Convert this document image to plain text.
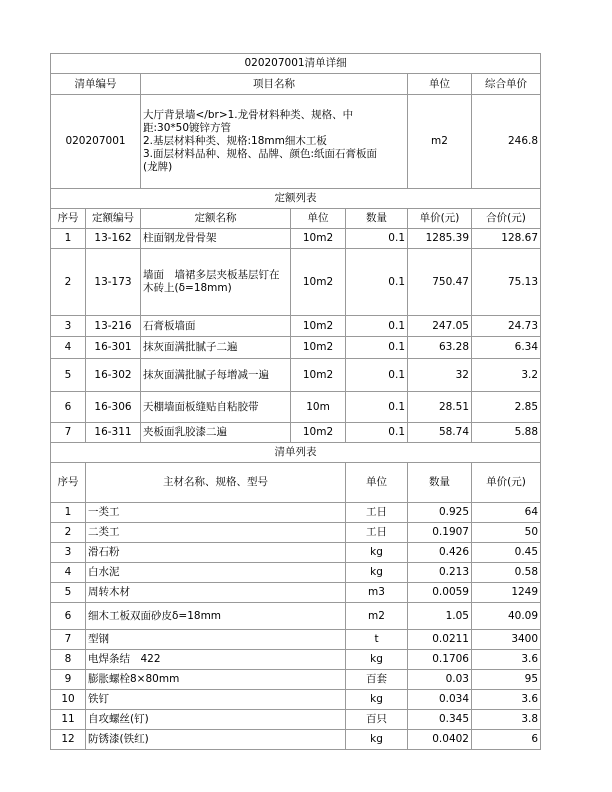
020207001清单详细							
清单编号		项目名称			单位	综合单价	
020207001		大厅背景墙</br>1.龙骨材料种类、规格、中
距:30*50镀锌方管
2.基层材料种类、规格:18mm细木工板
3.面层材料品种、规格、品牌、颜色:纸面石膏板面
(龙牌)			m2	246.8	
定额列表							
序号	定额编号	定额名称	单位	数量	单价(元)	合价(元)	
1	13-162	柱面钢龙骨骨架	10m2	0.1	1285.39	128.67	
2	13-173	墙面　墙裙多层夹板基层钉在木砖上(δ=18mm)	10m2	0.1	750.47	75.13	
3	13-216	石膏板墙面	10m2	0.1	247.05	24.73	
4	16-301	抹灰面满批腻子二遍	10m2	0.1	63.28	6.34	
5	16-302	抹灰面满批腻子每增减一遍	10m2	0.1	32	3.2	
6	16-306	天棚墙面板缝贴自粘胶带	10m	0.1	28.51	2.85	
7	16-311	夹板面乳胶漆二遍	10m2	0.1	58.74	5.88	
清单列表							
序号	主材名称、规格、型号			单位	数量	单价(元)	
1	一类工			工日	0.925	64	
2	二类工			工日	0.1907	50	
3	滑石粉			kg	0.426	0.45	
4	白水泥			kg	0.213	0.58	
5	周转木材			m3	0.0059	1249	
6	细木工板双面砂皮δ=18mm			m2	1.05	40.09	
7	型钢			t	0.0211	3400	
8	电焊条结　422			kg	0.1706	3.6	
9	膨胀螺栓8×80mm			百套	0.03	95	
10	铁钉			kg	0.034	3.6	
11	自攻螺丝(钉)			百只	0.345	3.8	
12	防锈漆(铁红)			kg	0.0402	6	
